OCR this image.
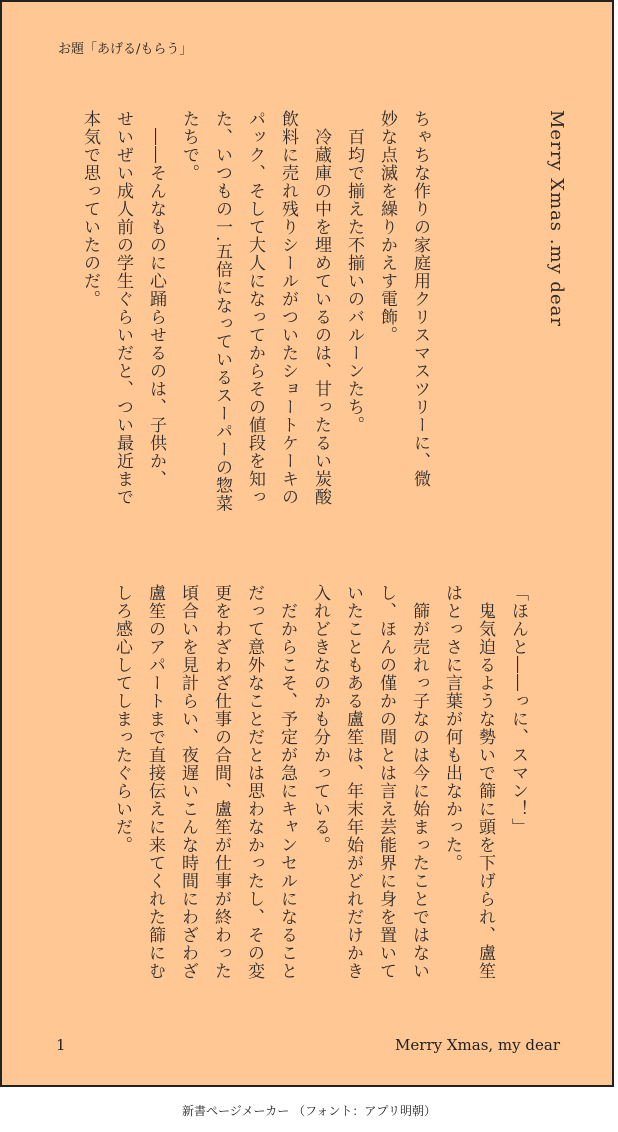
お題「あげる/もらう」
Merry Xmas .my dear
ちゃちな作りの家庭用クリスマスツリーに、微
妙な点滅を繰りかえす電飾。
　百均で揃えた不揃いのバルーンたち。
　冷蔵庫の中を埋めているのは、甘ったるい炭酸
飲料に売れ残りシールがついたショートケーキの
パック、そして大人になってからその値段を知っ
た、いつもの一.五倍になっているスーパーの惣菜
たちで。
　――そんなものに心踊らせるのは、子供か、
せいぜい成人前の学生ぐらいだと、つい最近まで
本気で思っていたのだ。
「ほんと――っに、スマン！」
　鬼気迫るような勢いで篩に頭を下げられ、盧笙
はとっさに言葉が何も出なかった。
　篩が売れっ子なのは今に始まったことではない
し、ほんの僅かの間とは言え芸能界に身を置いて
いたこともある盧笙は、年末年始がどれだけかき
入れどきなのかも分かっている。
　だからこそ、予定が急にキャンセルになること
だって意外なことだとは思わなかったし、その変
更をわざわざ仕事の合間、盧笙が仕事が終わった
頃合いを見計らい、夜遅いこんな時間にわざわざ
盧笙のアパートまで直接伝えに来てくれた篩にむ
しろ感心してしまったぐらいだ。
1	Merry Xmas, my dear
新書ページメーカー （フォント：アプリ明朝）
